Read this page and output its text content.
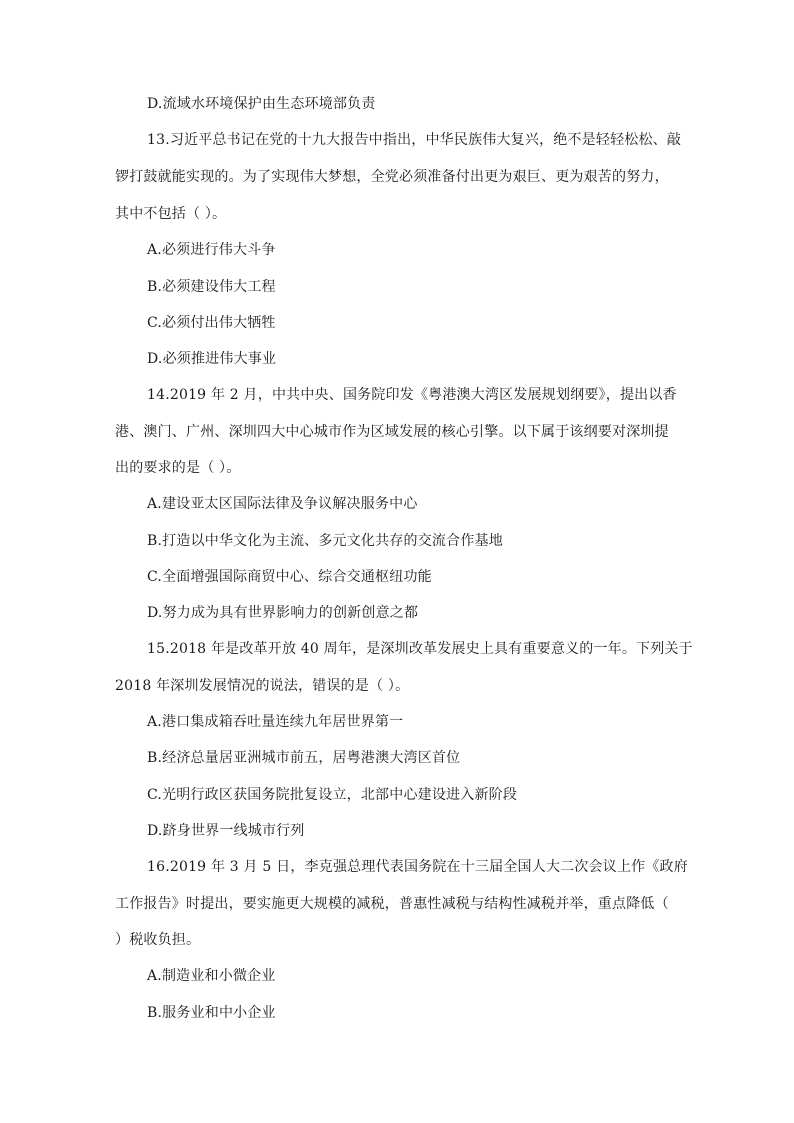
D.流域水环境保护由生态环境部负责
13.习近平总书记在党的十九大报告中指出，中华民族伟大复兴，绝不是轻轻松松、敲
锣打鼓就能实现的。为了实现伟大梦想，全党必须准备付出更为艰巨、更为艰苦的努力，
其中不包括（ ）。
A.必须进行伟大斗争
B.必须建设伟大工程
C.必须付出伟大牺牲
D.必须推进伟大事业
14.2019 年 2 月，中共中央、国务院印发《粤港澳大湾区发展规划纲要》，提出以香
港、澳门、广州、深圳四大中心城市作为区域发展的核心引擎。以下属于该纲要对深圳提
出的要求的是（ ）。
A.建设亚太区国际法律及争议解决服务中心
B.打造以中华文化为主流、多元文化共存的交流合作基地
C.全面增强国际商贸中心、综合交通枢纽功能
D.努力成为具有世界影响力的创新创意之都
15.2018 年是改革开放 40 周年，是深圳改革发展史上具有重要意义的一年。下列关于
2018 年深圳发展情况的说法，错误的是（ ）。
A.港口集成箱吞吐量连续九年居世界第一
B.经济总量居亚洲城市前五，居粤港澳大湾区首位
C.光明行政区获国务院批复设立，北部中心建设进入新阶段
D.跻身世界一线城市行列
16.2019 年 3 月 5 日，李克强总理代表国务院在十三届全国人大二次会议上作《政府
工作报告》时提出，要实施更大规模的减税，普惠性减税与结构性减税并举，重点降低（
）税收负担。
A.制造业和小微企业
B.服务业和中小企业
